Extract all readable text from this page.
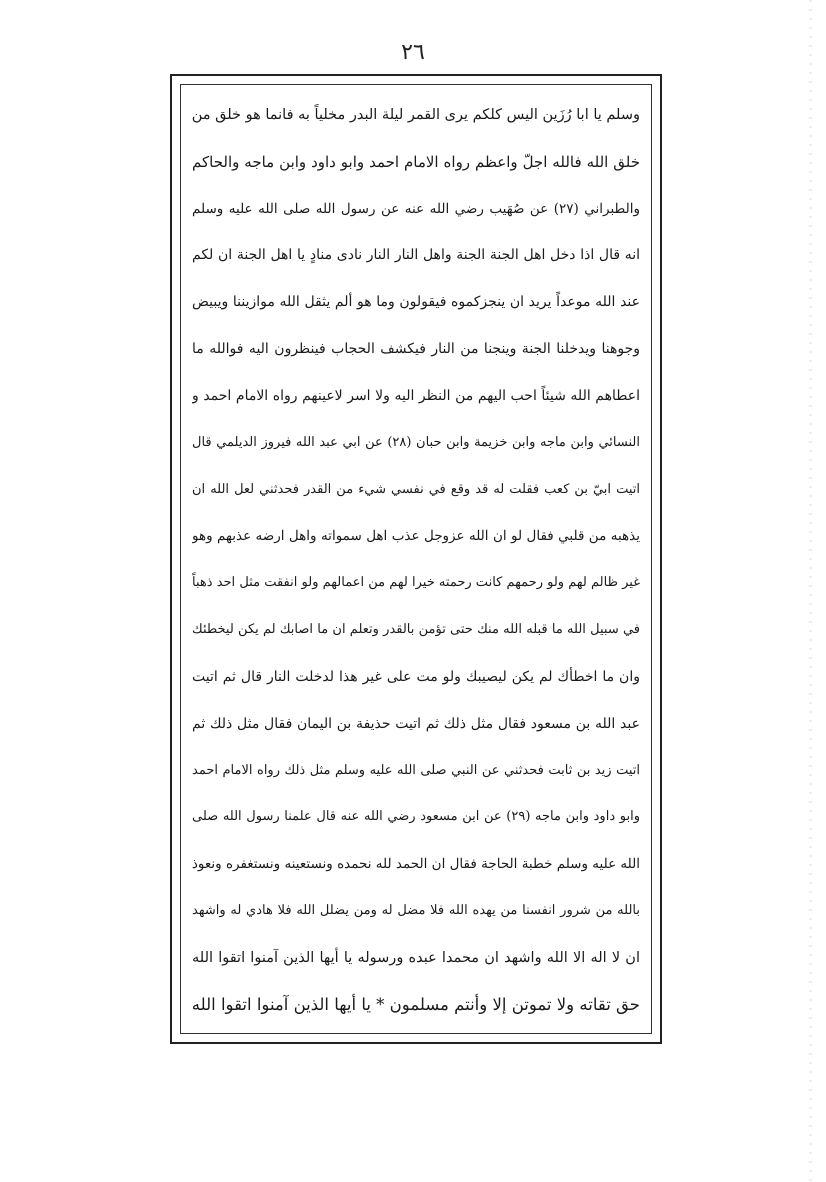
٢٦
وسلم يا ابا رُزَين اليس كلكم يرى القمر ليلة البدر مخلياً به فانما هو خلق من
خلق الله فالله اجلّ واعظم رواه الامام احمد وابو داود وابن ماجه والحاكم
والطبراني (٢٧) عن صُهَيب رضي الله عنه عن رسول الله صلى الله عليه وسلم
انه قال اذا دخل اهل الجنة الجنة واهل النار النار نادى منادٍ يا اهل الجنة ان لكم
عند الله موعداً يريد ان ينجزكموه فيقولون وما هو ألم يثقل الله موازيننا ويبيض
وجوهنا ويدخلنا الجنة وينجنا من النار فيكشف الحجاب فينظرون اليه فوالله ما
اعطاهم الله شيئاً احب اليهم من النظر اليه ولا اسر لاعينهم رواه الامام احمد و
النسائي وابن ماجه وابن خزيمة وابن حبان (٢٨) عن ابي عبد الله فيروز الديلمي قال
اتيت ابيّ بن كعب فقلت له قد وقع في نفسي شيء من القدر فحدثني لعل الله ان
يذهبه من قلبي فقال لو ان الله عزوجل عذب اهل سمواته واهل ارضه عذبهم وهو
غير ظالم لهم ولو رحمهم كانت رحمته خيرا لهم من اعمالهم ولو انفقت مثل احد ذهباً
في سبيل الله ما قبله الله منك حتى تؤمن بالقدر وتعلم ان ما اصابك لم يكن ليخطئك
وان ما اخطأك لم يكن ليصيبك ولو مت على غير هذا لدخلت النار قال ثم اتيت
عبد الله بن مسعود فقال مثل ذلك ثم اتيت حذيفة بن اليمان فقال مثل ذلك ثم
اتيت زيد بن ثابت فحدثني عن النبي صلى الله عليه وسلم مثل ذلك رواه الامام احمد
وابو داود وابن ماجه (٢٩) عن ابن مسعود رضي الله عنه قال علمنا رسول الله صلى
الله عليه وسلم خطبة الحاجة فقال ان الحمد لله نحمده ونستعينه ونستغفره ونعوذ
بالله من شرور انفسنا من يهده الله فلا مضل له ومن يضلل الله فلا هادي له واشهد
ان لا اله الا الله واشهد ان محمدا عبده ورسوله يا أيها الذين آمنوا اتقوا الله
حق تقاته ولا تموتن إلا وأنتم مسلمون * يا أيها الذين آمنوا اتقوا الله
